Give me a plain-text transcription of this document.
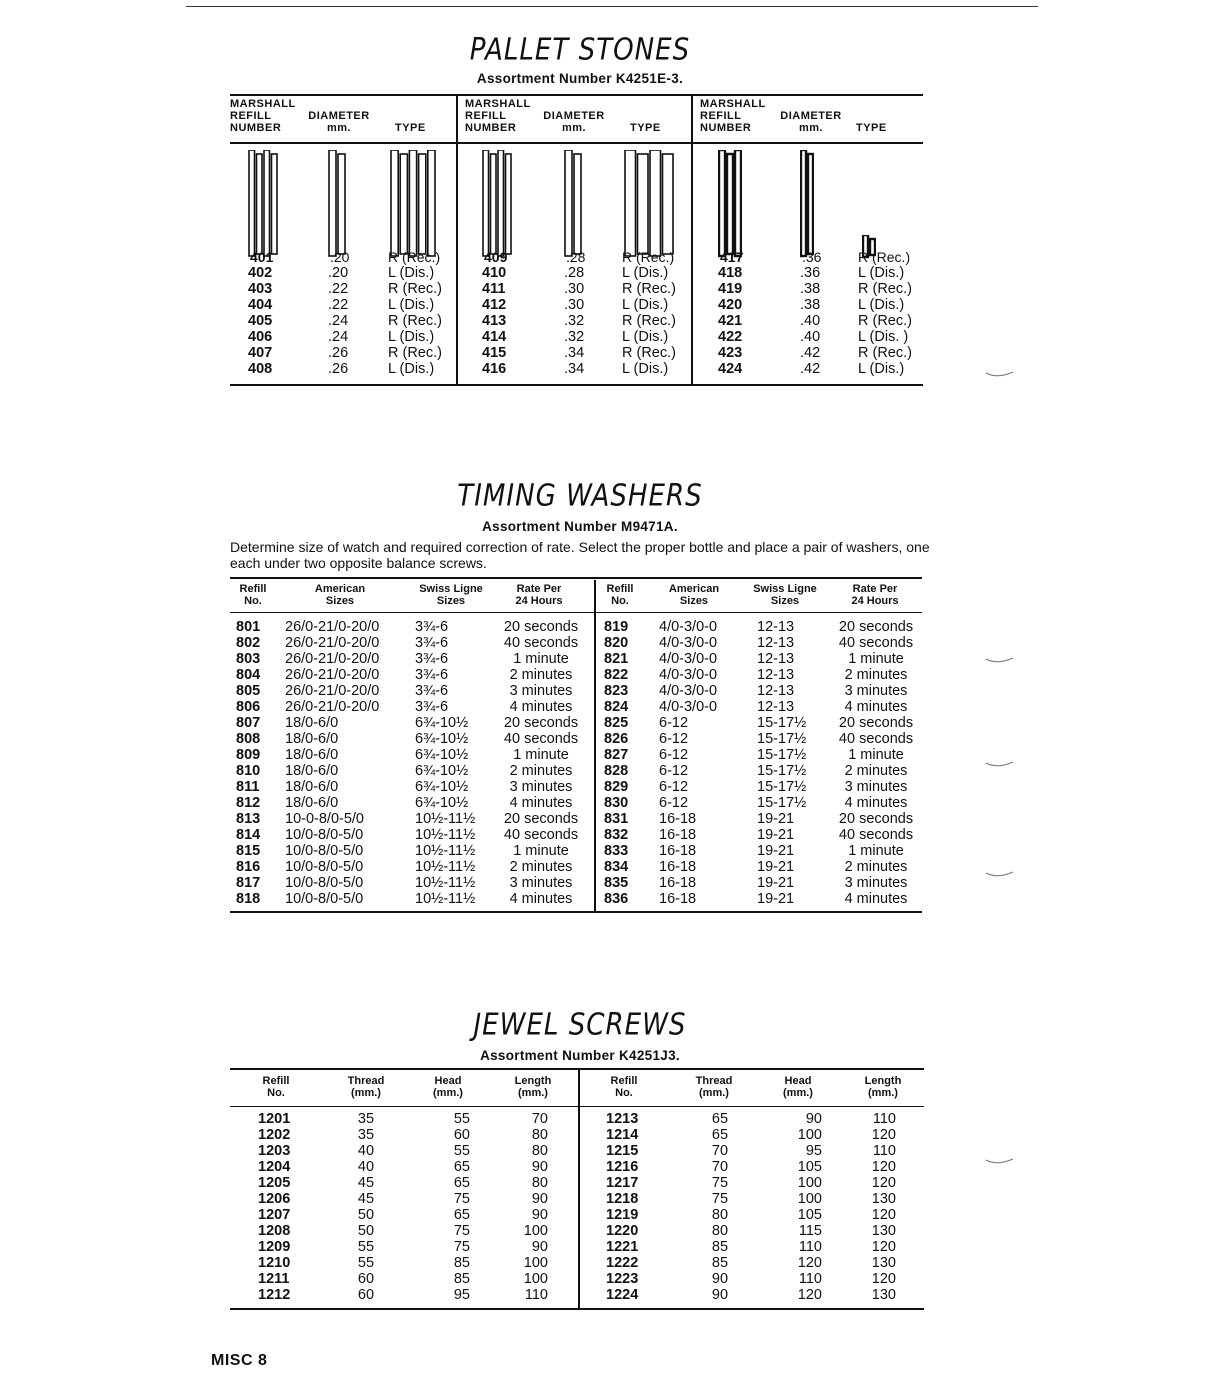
PALLET STONES
Assortment Number K4251E-3.
MARSHALL
REFILL
NUMBER
DIAMETER
mm.	TYPE
401	.20	R (Rec.)
402	.20	L (Dis.)
403	.22	R (Rec.)
404	.22	L (Dis.)
405	.24	R (Rec.)
406	.24	L (Dis.)
407	.26	R (Rec.)
408	.26	L (Dis.)
MARSHALL
REFILL
NUMBER
DIAMETER
mm.	TYPE
409	.28	R (Rec.)
410	.28	L (Dis.)
411	.30	R (Rec.)
412	.30	L (Dis.)
413	.32	R (Rec.)
414	.32	L (Dis.)
415	.34	R (Rec.)
416	.34	L (Dis.)
MARSHALL
REFILL
NUMBER
DIAMETER
mm.	TYPE
417	.36	R (Rec.)
418	.36	L (Dis.)
419	.38	R (Rec.)
420	.38	L (Dis.)
421	.40	R (Rec.)
422	.40	L (Dis. )
423	.42	R (Rec.)
424	.42	L (Dis.)
TIMING WASHERS
Assortment Number M9471A.
Determine size of watch and required correction of rate. Select the proper bottle and place a pair of washers, one each under two opposite balance screws.
Refill
No.
American
Sizes
Swiss Ligne
Sizes
Rate Per
24 Hours
801 26/0-21/0-20/0 3¾-6	20 seconds
802 26/0-21/0-20/0 3¾-6	40 seconds
803 26/0-21/0-20/0 3¾-6	1 minute
804 26/0-21/0-20/0 3¾-6	2 minutes
805 26/0-21/0-20/0 3¾-6	3 minutes
806 26/0-21/0-20/0 3¾-6	4 minutes
807 18/0-6/0	6¾-10½	20 seconds
808 18/0-6/0	6¾-10½	40 seconds
809 18/0-6/0	6¾-10½	1 minute
810 18/0-6/0	6¾-10½	2 minutes
811 18/0-6/0	6¾-10½	3 minutes
812 18/0-6/0	6¾-10½	4 minutes
813 10-0-8/0-5/0	10½-11½	20 seconds
814 10/0-8/0-5/0	10½-11½	40 seconds
815 10/0-8/0-5/0	10½-11½	1 minute
816 10/0-8/0-5/0	10½-11½	2 minutes
817 10/0-8/0-5/0	10½-11½	3 minutes
818 10/0-8/0-5/0	10½-11½	4 minutes
Refill
No.
American
Sizes
Swiss Ligne
Sizes
Rate Per
24 Hours
819 4/0-3/0-0	12-13	20 seconds
820 4/0-3/0-0	12-13	40 seconds
821 4/0-3/0-0	12-13	1 minute
822 4/0-3/0-0	12-13	2 minutes
823 4/0-3/0-0	12-13	3 minutes
824 4/0-3/0-0	12-13	4 minutes
825 6-12	15-17½	20 seconds
826 6-12	15-17½	40 seconds
827 6-12	15-17½	1 minute
828 6-12	15-17½	2 minutes
829 6-12	15-17½	3 minutes
830 6-12	15-17½	4 minutes
831 16-18	19-21	20 seconds
832 16-18	19-21	40 seconds
833 16-18	19-21	1 minute
834 16-18	19-21	2 minutes
835 16-18	19-21	3 minutes
836 16-18	19-21	4 minutes
JEWEL SCREWS
Assortment Number K4251J3.
Refill
No.
Thread
(mm.)
Head
(mm.)
Length
(mm.)
1201	35	55	70
1202	35	60	80
1203	40	55	80
1204	40	65	90
1205	45	65	80
1206	45	75	90
1207	50	65	90
1208	50	75	100
1209	55	75	90
1210	55	85	100
1211	60	85	100
1212	60	95	110
Refill
No.
Thread
(mm.)
Head
(mm.)
Length
(mm.)
1213	65	90	110
1214	65	100	120
1215	70	95	110
1216	70	105	120
1217	75	100	120
1218	75	100	130
1219	80	105	120
1220	80	115	130
1221	85	110	120
1222	85	120	130
1223	90	110	120
1224	90	120	130
MISC 8
